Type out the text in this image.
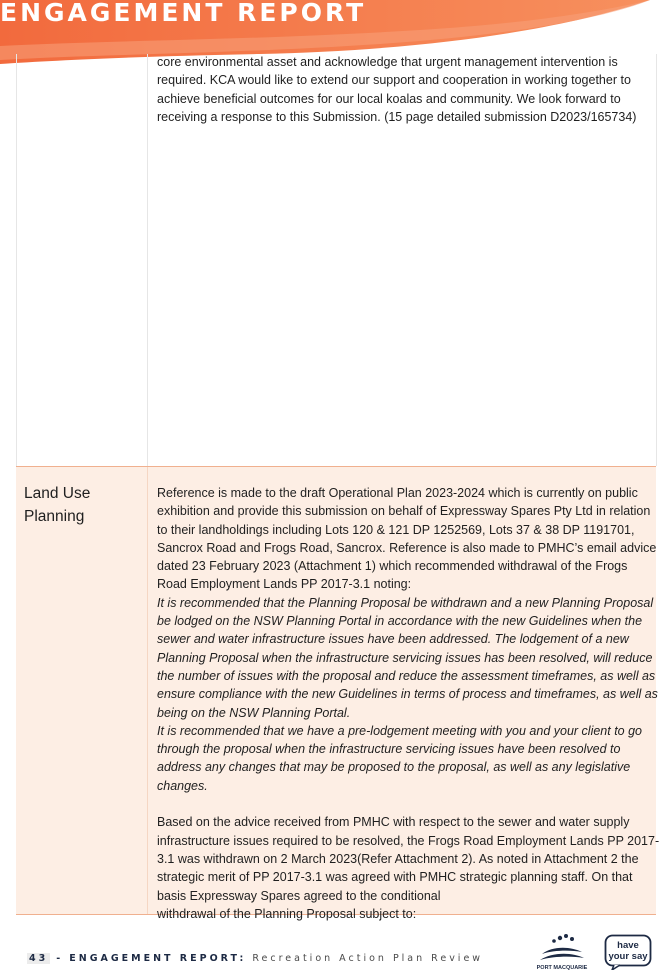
ENGAGEMENT REPORT

core environmental asset and acknowledge that urgent management intervention is

required. KCA would like to extend our support and cooperation in working together to

achieve beneficial outcomes for our local koalas and community. We look forward to

receiving a response to this Submission. (15 page detailed submission D2023/165734)

Land Use Planning

Reference is made to the draft Operational Plan 2023-2024 which is currently on public

exhibition and provide this submission on behalf of Expressway Spares Pty Ltd in relation

to their landholdings including Lots 120 & 121 DP 1252569, Lots 37 & 38 DP 1191701,

Sancrox Road and Frogs Road, Sancrox. Reference is also made to PMHC’s email advice

dated 23 February 2023 (Attachment 1) which recommended withdrawal of the Frogs

Road Employment Lands PP 2017-3.1 noting:

It is recommended that the Planning Proposal be withdrawn and a new Planning Proposal

be lodged on the NSW Planning Portal in accordance with the new Guidelines when the

sewer and water infrastructure issues have been addressed. The lodgement of a new

Planning Proposal when the infrastructure servicing issues has been resolved, will reduce

the number of issues with the proposal and reduce the assessment timeframes, as well as

ensure compliance with the new Guidelines in terms of process and timeframes, as well as

being on the NSW Planning Portal.

It is recommended that we have a pre-lodgement meeting with you and your client to go

through the proposal when the infrastructure servicing issues have been resolved to

address any changes that may be proposed to the proposal, as well as any legislative

changes.

Based on the advice received from PMHC with respect to the sewer and water supply

infrastructure issues required to be resolved, the Frogs Road Employment Lands PP 2017-

3.1 was withdrawn on 2 March 2023(Refer Attachment 2). As noted in Attachment 2 the

strategic merit of PP 2017-3.1 was agreed with PMHC strategic planning staff. On that

basis Expressway Spares agreed to the conditional

withdrawal of the Planning Proposal subject to:

43 - ENGAGEMENT REPORT: Recreation Action Plan Review
PORT MACQUARIE
have
your say
